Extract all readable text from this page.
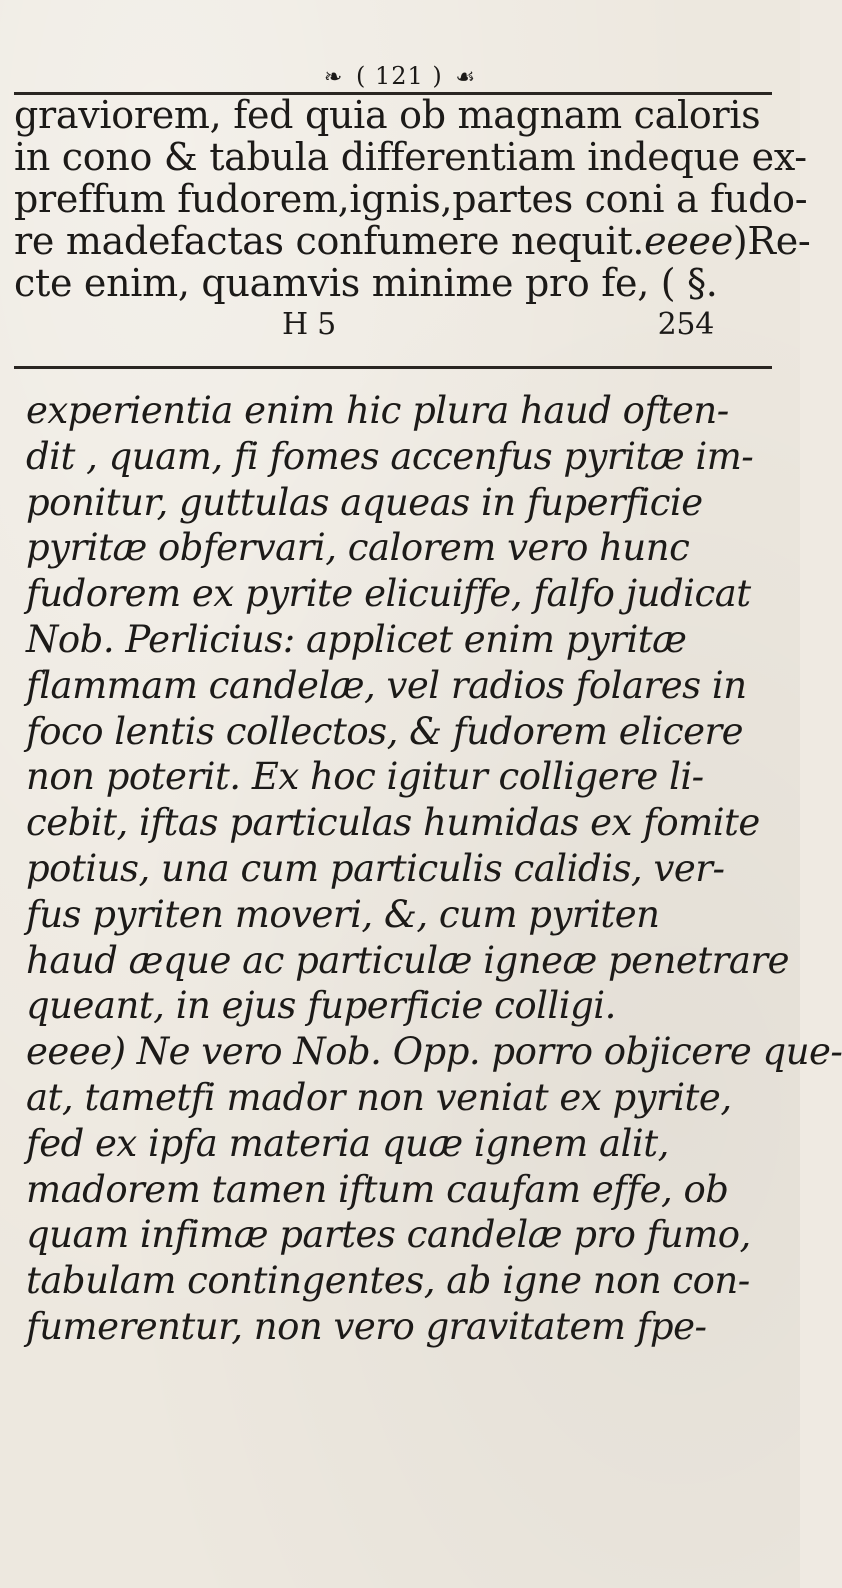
❧ ( 121 ) ☙
graviorem, fed quia ob magnam caloris
in cono & tabula differentiam indeque ex-
preffum fudorem,ignis,partes coni a fudo-
re madefactas confumere nequit.eeee)Re-
cte enim, quamvis minime pro fe, ( §.
H 5	254
experientia enim hic plura haud often-
dit , quam, fi fomes accenfus pyritæ im-
ponitur, guttulas aqueas in fuperficie
pyritæ obfervari, calorem vero hunc
fudorem ex pyrite elicuiffe, falfo judicat
Nob. Perlicius: applicet enim pyritæ
flammam candelæ, vel radios folares in
foco lentis collectos, & fudorem elicere
non poterit. Ex hoc igitur colligere li-
cebit, iftas particulas humidas ex fomite
potius, una cum particulis calidis, ver-
fus pyriten moveri, &, cum pyriten
haud æque ac particulæ igneæ penetrare
queant, in ejus fuperficie colligi.
eeee) Ne vero Nob. Opp. porro objicere que-
at, tametfi mador non veniat ex pyrite,
fed ex ipfa materia quæ ignem alit,
madorem tamen iftum caufam effe, ob
quam infimæ partes candelæ pro fumo,
tabulam contingentes, ab igne non con-
fumerentur, non vero gravitatem fpe-
